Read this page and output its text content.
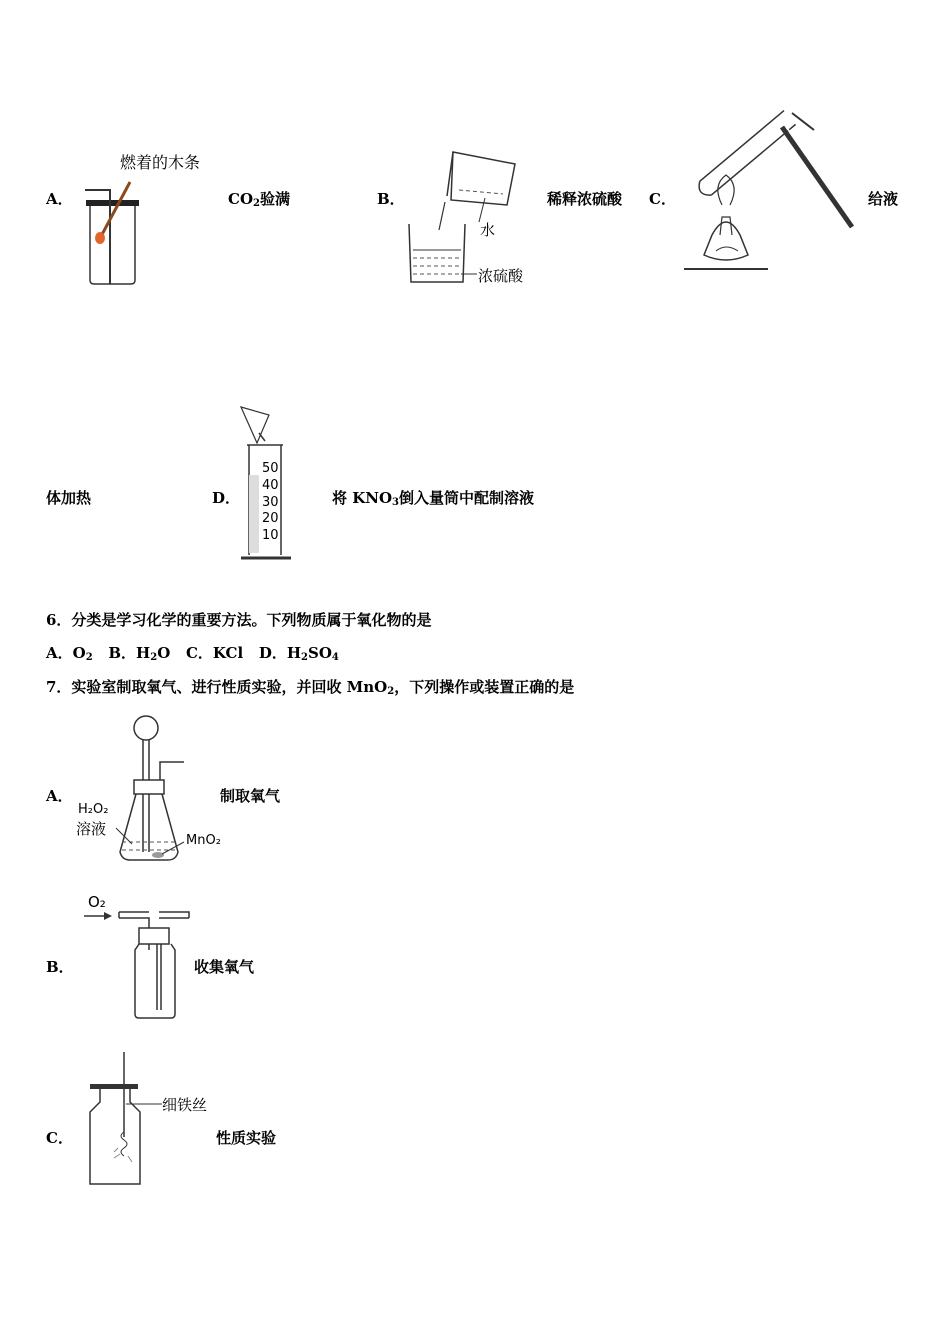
A．
燃着的木条
$CO_2$验满	B．
水
浓硫酸
稀释浓硫酸 C．	给液
体加热	D．
50
40
30
20
10
将 $KNO_3$倒入量筒中配制溶液
6．分类是学习化学的重要方法。下列物质属于氧化物的是
A．$O_2$ B．$H_2O$ C．KCl D．$H_2SO_4$
7．实验室制取氧气、进行性质实验，并回收 MnO$_2$，下列操作或装置正确的是
A．
H₂O₂
溶液
MnO₂
制取氧气
O₂
B．	收集氧气
细铁丝
C．	性质实验
